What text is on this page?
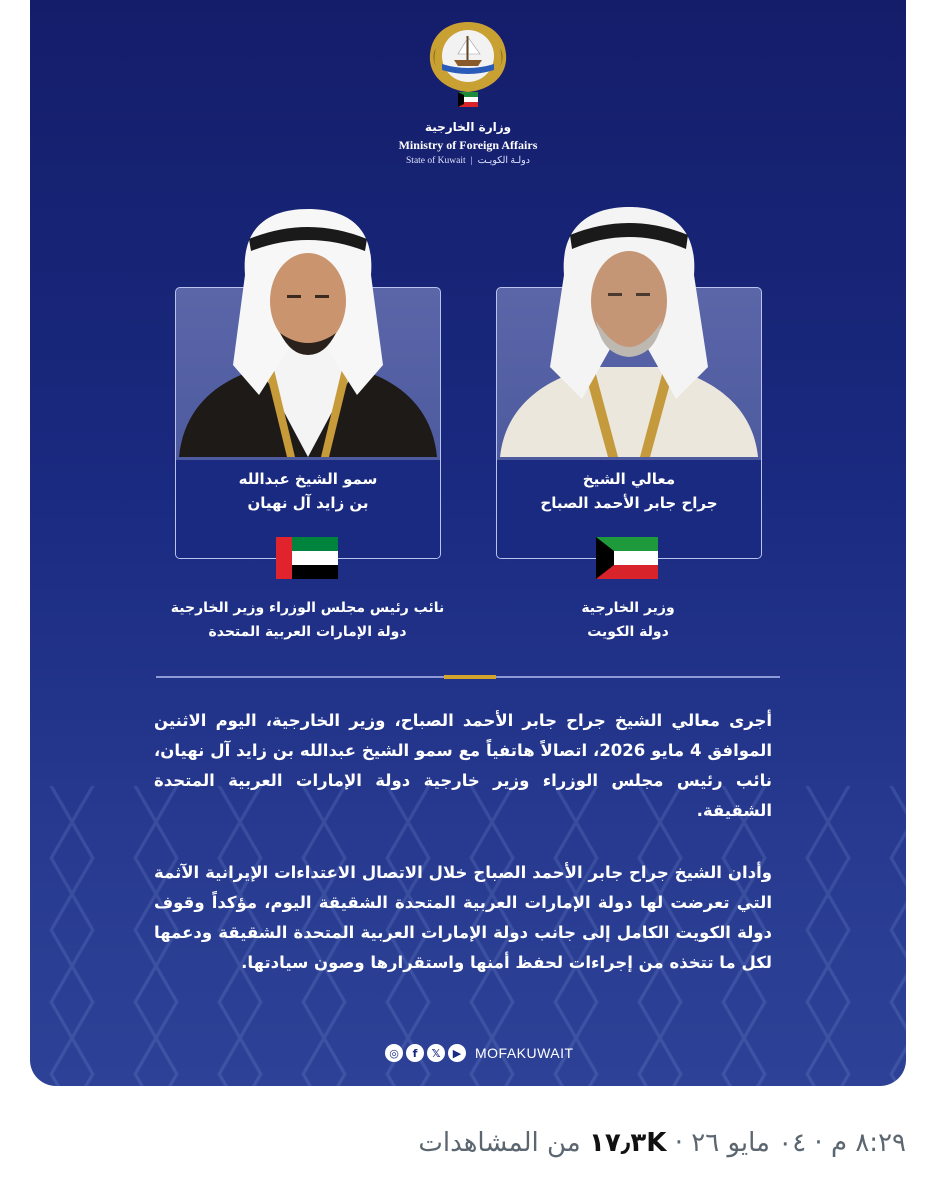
وزارة الخارجية
Ministry of Foreign Affairs
State of Kuwait | دولـة الكويـت
سمو الشيخ عبدالله
بن زايد آل نهيان
معالي الشيخ
جراح جابر الأحمد الصباح
نائب رئيس مجلس الوزراء وزير الخارجية
دولة الإمارات العربية المتحدة
وزير الخارجية
دولة الكويت
أجرى معالي الشيخ جراح جابر الأحمد الصباح، وزير الخارجية، اليوم الاثنين الموافق 4 مايو 2026، اتصالاً هاتفياً مع سمو الشيخ عبدالله بن زايد آل نهيان، نائب رئيس مجلس الوزراء وزير خارجية دولة الإمارات العربية المتحدة الشقيقة.
وأدان الشيخ جراح جابر الأحمد الصباح خلال الاتصال الاعتداءات الإيرانية الآثمة التي تعرضت لها دولة الإمارات العربية المتحدة الشقيقة اليوم، مؤكداً وقوف دولة الكويت الكامل إلى جانب دولة الإمارات العربية المتحدة الشقيقة ودعمها لكل ما تتخذه من إجراءات لحفظ أمنها واستقرارها وصون سيادتها.
◎	f	𝕏	▶ MOFAKUWAIT
٨:٢٩ م · ٠٤ مايو ٢٦ · ١٧٫٣K من المشاهدات
